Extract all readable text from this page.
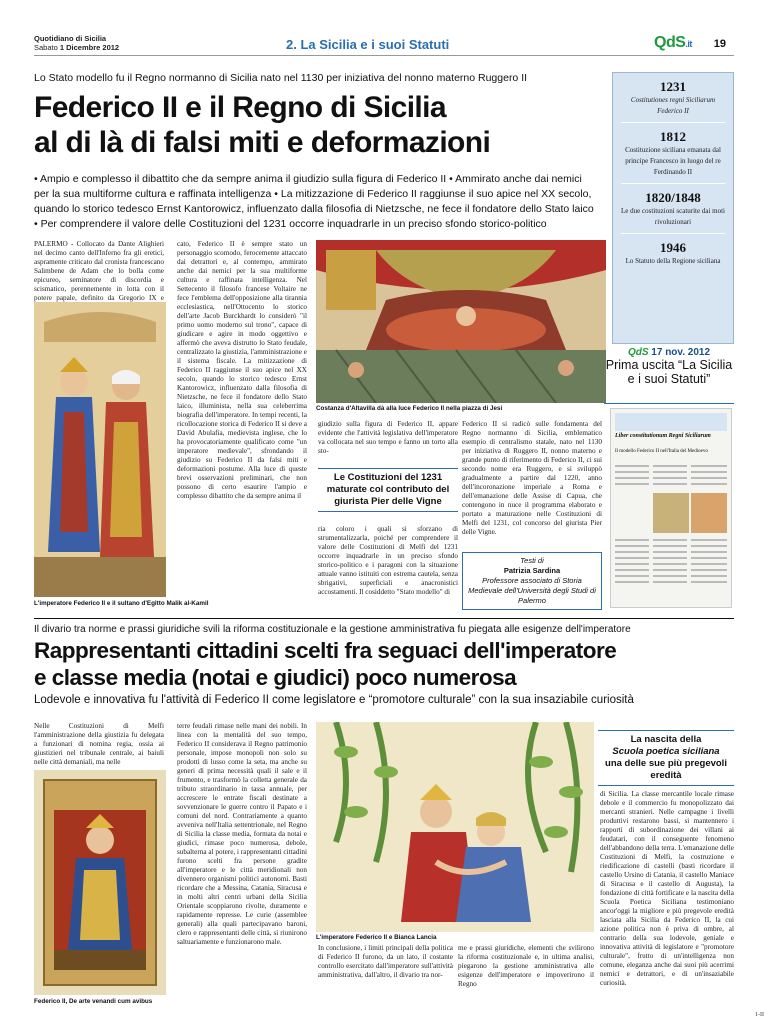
Quotidiano di Sicilia
Sabato 1 Dicembre 2012	2. La Sicilia e i suoi Statuti	QdS.it 19
Lo Stato modello fu il Regno normanno di Sicilia nato nel 1130 per iniziativa del nonno materno Ruggero II
Federico II e il Regno di Sicilia
al di là di falsi miti e deformazioni
• Ampio e complesso il dibattito che da sempre anima il giudizio sulla figura di Federico II • Ammirato anche dai nemici per la sua multiforme cultura e raffinata intelligenza • La mitizzazione di Federico II raggiunse il suo apice nel XX secolo, quando lo storico tedesco Ernst Kantorowicz, influenzato dalla filosofia di Nietzsche, ne fece il fondatore dello Stato laico • Per comprendere il valore delle Costituzioni del 1231 occorre inquadrarle in un preciso sfondo storico-politico
PALERMO - Collocato da Dante Alighieri nel decimo canto dell'Inferno fra gli eretici, aspramente criticato dal cronista francescano Salimbene de Adam che lo bolla come epicureo, seminatore di discordia e scismatico, perennemente in lotta con il potere papale, definito da Gregorio IX e
L'imperatore Federico II e il sultano d'Egitto Malik al-Kamil
cato, Federico II è sempre stato un personaggio scomodo, ferocemente attaccato dai detrattori e, al contempo, ammirato anche dai nemici per la sua multiforme cultura e raffinata intelligenza. Nel Settecento il filosofo francese Voltaire ne fece l'emblema dell'opposizione alla tirannia ecclesiastica, nell'Ottocento lo storico dell'arte Jacob Burckhardt lo considerò "il primo uomo moderno sul trono", capace di giudicare e agire in modo oggettivo e affermò che aveva distrutto lo Stato feudale, centralizzato la giustizia, l'amministrazione e il sistema fiscale. La mitizzazione di Federico II raggiunse il suo apice nel XX secolo, quando lo storico tedesco Ernst Kantorowicz, influenzato dalla filosofia di Nietzsche, ne fece il fondatore dello Stato laico, illuminista, nella sua celeberrima biografia dell'imperatore. In tempi recenti, la ricollocazione storica di Federico II si deve a David Abulafia, medievista inglese, che lo ha provocatoriamente qualificato come "un imperatore medievale", sfrondando il giudizio su Federico II da falsi miti e deformazioni postume. Alla luce di queste brevi osservazioni preliminari, che non possono di certo esaurire l'ampio e complesso dibattito che da sempre anima il
Costanza d'Altavilla dà alla luce Federico II nella piazza di Jesi
giudizio sulla figura di Federico II, appare evidente che l'attività legislativa dell'imperatore va collocata nel suo tempo e fanno un torto alla sto-
Le Costituzioni del 1231 maturate col contributo del giurista Pier delle Vigne
ria coloro i quali si sforzano di strumentalizzarla, poiché per comprendere il valore delle Costituzioni di Melfi del 1231 occorre inquadrarle in un preciso sfondo storico-politico e i paragoni con la situazione attuale vanno istituiti con estrema cautela, senza sbrigativi, superficiali e anacronistici accostamenti. Il cosiddetto "Stato modello" di
Federico II si radicò sulle fondamenta del Regno normanno di Sicilia, emblematico esempio di centralismo statale, nato nel 1130 per iniziativa di Ruggero II, nonno materno e grande punto di riferimento di Federico II, ci sui secondo nome era Ruggero, e si sviluppò gradualmente a partire dal 1220, anno dell'incoronazione imperiale a Roma e dell'emanazione delle Assise di Capua, che contengono in nuce il programma elaborato e portato a maturazione nelle Costituzioni di Melfi del 1231, col concorso del giurista Pier delle Vigne.
Testi di
Patrizia Sardina
Professore associato di Storia Medievale dell'Università degli Studi di Palermo
1231
Costitutiones regni Siciliarum Federico II
1812
Costituzione siciliana emanata dal principe Francesco in luogo del re Ferdinando II
1820/1848
Le due costituzioni scaturite dai moti rivoluzionari
1946
Lo Statuto della Regione siciliana
QdS 17 nov. 2012
Prima uscita “La Sicilia e i suoi Statuti”
Liber constitutionum Regni Siciliarum
Il modello Federico II nell'Italia del Medioevo
Il divario tra norme e prassi giuridiche svilì la riforma costituzionale e la gestione amministrativa fu piegata alle esigenze dell'imperatore
Rappresentanti cittadini scelti fra seguaci dell'imperatore
e classe media (notai e giudici) poco numerosa
Lodevole e innovativa fu l'attività di Federico II come legislatore e “promotore culturale” con la sua insaziabile curiosità
Nelle Costituzioni di Melfi l'amministrazione della giustizia fu delegata a funzionari di nomina regia, ossia ai giustizieri nel tribunale centrale, ai baiuli nelle città demaniali, ma nelle
Federico II, De arte venandi cum avibus
terre feudali rimase nelle mani dei nobili. In linea con la mentalità del suo tempo, Federico II considerava il Regno patrimonio personale, impose monopoli non solo su prodotti di lusso come la seta, ma anche su generi di prima necessità quali il sale e il frumento, e trasformò la colletta generale da tributo straordinario in tassa annuale, per accrescere le entrate fiscali destinate a sovvenzionare le guerre contro il Papato e i comuni del nord. Contrariamente a quanto avveniva nell'Italia settentrionale, nel Regno di Sicilia la classe media, formata da notai e giudici, rimase poco numerosa, debole, subalterna al potere, i rappresentanti cittadini furono scelti fra persone gradite all'imperatore e le città meridionali non divennero organismi politici autonomi. Basti ricordare che a Messina, Catania, Siracusa e in molti altri centri urbani della Sicilia Orientale scoppiarono rivolte, duramente e rapidamente represse. Le curie (assemblee generali) alla quali partecipavano baroni, clero e rappresentanti delle città, si riunirono saltuariamente e funzionarono male.
L'imperatore Federico II e Bianca Lancia
In conclusione, i limiti principali della politica di Federico II furono, da un lato, il costante controllo esercitato dall'imperatore sull'attività amministrativa, dall'altro, il divario tra nor-
me e prassi giuridiche, elementi che svilirono la riforma costituzionale e, in ultima analisi, piegarono la gestione amministrativa alle esigenze dell'imperatore e impoverirono il Regno
La nascita della
Scuola poetica siciliana
una delle sue più pregevoli eredità
di Sicilia. La classe mercantile locale rimase debole e il commercio fu monopolizzato dai mercanti stranieri. Nelle campagne i livelli produttivi restarono bassi, si mantennero i rapporti di subordinazione dei villani ai feudatari, con il conseguente fenomeno dell'abbandono della terra. L'emanazione delle Costituzioni di Melfi, la costruzione e riedificazione di castelli (basti ricordare il castello Ursino di Catania, il castello Maniace di Siracusa e il castello di Augusta), la fondazione di città fortificate e la nascita della Scuola Poetica Siciliana testimoniano ancor'oggi la migliore e più pregevole eredità lasciata alla Sicilia da Federico II, la cui azione politica non è priva di ombre, al contrario della sua lodevole, geniale e innovativa attività di legislatore e "promotore culturale", frutto di un'intelligenza non comune, eleganza anche dai suoi più acerrimi nemici e detrattori, e di un'insaziabile curiosità.
1-II
